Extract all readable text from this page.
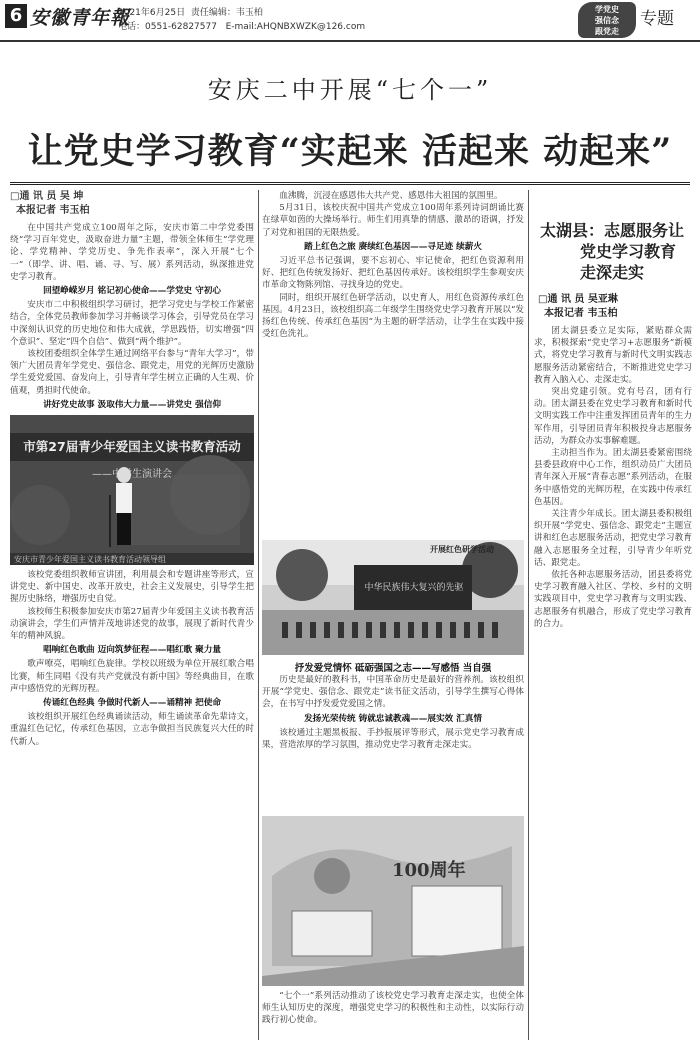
6 安徽青年報
2021年6月25日 责任编辑：韦玉柏
电话：0551-62827577 E-mail:AHQNBXWZK@126.com
学党史
强信念
跟党走
专题
安庆二中开展“七个一”
让党史学习教育“实起来 活起来 动起来”
□通 讯 员 吴 坤
本报记者 韦玉柏

在中国共产党成立100周年之际，安庆市第二中学党委围绕“学习百年党史，汲取奋进力量”主题，带领全体师生“学党理论、学党精神、学党历史、争先作表率”，深入开展“七个一”（即学、讲、唱、诵、寻、写、展）系列活动，纵深推进党史学习教育。

回望峥嵘岁月 铭记初心使命——学党史 守初心

安庆市二中积极组织学习研讨，把学习党史与学校工作紧密结合，全体党员教师参加学习并畅谈学习体会，引导党员在学习中深刻认识党的历史地位和伟大成就，学思践悟，切实增强“四个意识”、坚定“四个自信”、做到“两个维护”。

该校团委组织全体学生通过网络平台参与“青年大学习”，带领广大团员青年学党史、强信念、跟党走，用党的光辉历史激励学生爱党爱国、奋发向上，引导青年学生树立正确的人生观、价值观，勇担时代使命。

讲好党史故事 汲取伟大力量——讲党史 强信仰

市第27届青少年爱国主义读书教育活动
——中学生演讲会
安庆市青少年爱国主义读书教育活动领导组

该校党委组织教师宣讲团，利用晨会和专题讲座等形式，宣讲党史、新中国史、改革开放史，社会主义发展史，引导学生把握历史脉络，增强历史自觉。

该校师生积极参加安庆市第27届青少年爱国主义读书教育活动演讲会，学生们声情并茂地讲述党的故事，展现了新时代青少年的精神风貌。

唱响红色歌曲 迈向筑梦征程——唱红歌 聚力量

歌声嘹亮，唱响红色旋律。学校以班级为单位开展红歌合唱比赛，师生同唱《没有共产党就没有新中国》等经典曲目，在歌声中感悟党的光辉历程。

传诵红色经典 争做时代新人——诵精神 把使命

该校组织开展红色经典诵读活动，师生诵读革命先辈诗文，重温红色记忆，传承红色基因，立志争做担当民族复兴大任的时代新人。

血沸腾，沉浸在感恩伟大共产党、感恩伟大祖国的氛围里。

5月31日，该校庆祝中国共产党成立100周年系列诗词朗诵比赛在绿草如茵的大操场举行。师生们用真挚的情感、激昂的语调，抒发了对党和祖国的无限热爱。

踏上红色之旅 赓续红色基因——寻足迹 续薪火

习近平总书记强调，要不忘初心、牢记使命，把红色资源利用好、把红色传统发扬好、把红色基因传承好。该校组织学生参观安庆市革命文物陈列馆、寻找身边的党史。

同时，组织开展红色研学活动，以史育人，用红色资源传承红色基因。4月23日，该校组织高二年级学生围绕党史学习教育开展以“发扬红色传统、传承红色基因”为主题的研学活动，让学生在实践中接受红色洗礼。

中华民族伟大复兴的先驱
开展红色研学活动
抒发爱党情怀 砥砺强国之志——写感悟 当自强

历史是最好的教科书，中国革命历史是最好的营养剂。该校组织开展“学党史、强信念、跟党走”读书征文活动，引导学生撰写心得体会，在书写中抒发爱党爱国之情。

发扬光荣传统 铸就忠诚教魂——展实效 汇真情

该校通过主题黑板报、手抄报展评等形式，展示党史学习教育成果，营造浓厚的学习氛围，推动党史学习教育走深走实。

100周年

“七个一”系列活动推动了该校党史学习教育走深走实，也使全体师生认知历史的深度，增强党史学习的积极性和主动性，以实际行动践行初心使命。

太湖县：志愿服务让
党史学习教育
走深走实
□通 讯 员 吴亚琳
本报记者 韦玉柏

团太湖县委立足实际，紧贴群众需求，积极探索“党史学习+志愿服务”新模式，将党史学习教育与新时代文明实践志愿服务活动紧密结合，不断推进党史学习教育入脑入心、走深走实。

突出党建引领。党有号召，团有行动。团太湖县委在党史学习教育和新时代文明实践工作中注重发挥团员青年的生力军作用，引导团员青年积极投身志愿服务活动，为群众办实事解难题。

主动担当作为。团太湖县委紧密围绕县委县政府中心工作，组织动员广大团员青年深入开展“青春志愿”系列活动，在服务中感悟党的光辉历程，在实践中传承红色基因。

关注青少年成长。团太湖县委积极组织开展“学党史、强信念、跟党走”主题宣讲和红色志愿服务活动，把党史学习教育融入志愿服务全过程，引导青少年听党话、跟党走。

依托各种志愿服务活动，团县委将党史学习教育融入社区、学校、乡村的文明实践项目中，党史学习教育与文明实践、志愿服务有机融合，形成了党史学习教育的合力。
